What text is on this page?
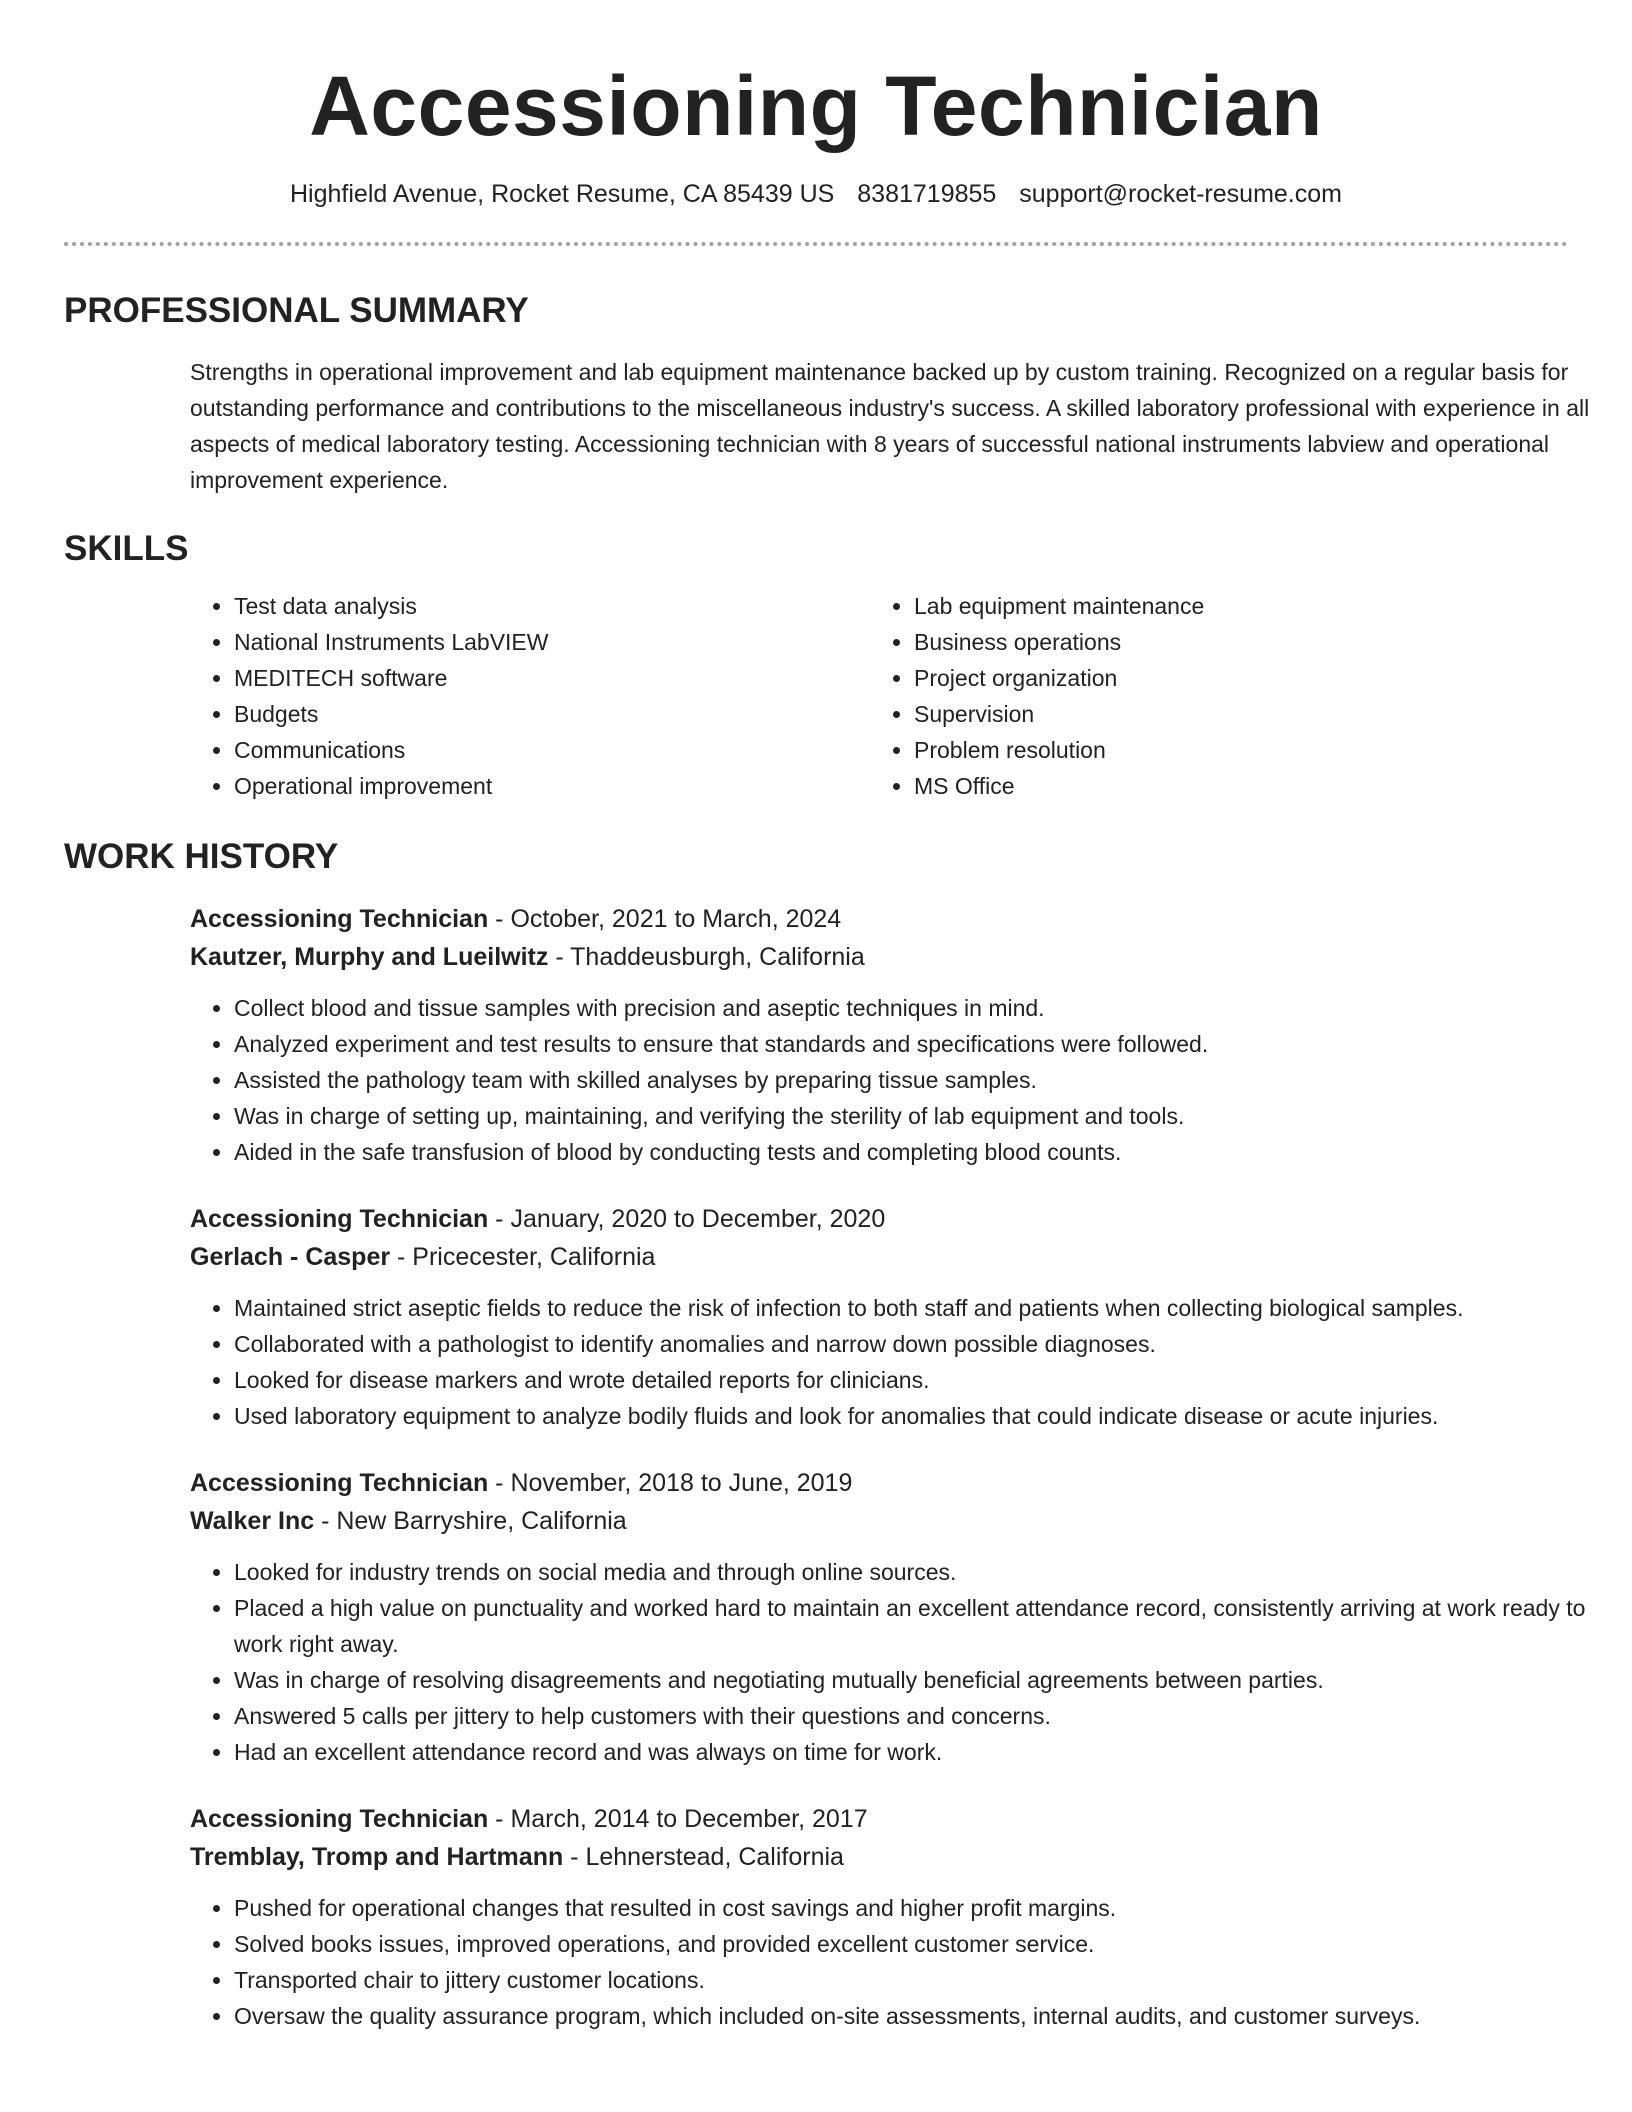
Accessioning Technician
Highfield Avenue, Rocket Resume, CA 85439 US 8381719855 support@rocket-resume.com
PROFESSIONAL SUMMARY

Strengths in operational improvement and lab equipment maintenance backed up by custom training. Recognized on a regular basis for outstanding performance and contributions to the miscellaneous industry's success. A skilled laboratory professional with experience in all aspects of medical laboratory testing. Accessioning technician with 8 years of successful national instruments labview and operational improvement experience.

SKILLS
• Test data analysis
• National Instruments LabVIEW
• MEDITECH software
• Budgets
• Communications
• Operational improvement
• Lab equipment maintenance
• Business operations
• Project organization
• Supervision
• Problem resolution
• MS Office
WORK HISTORY
Accessioning Technician - October, 2021 to March, 2024
Kautzer, Murphy and Lueilwitz - Thaddeusburgh, California
• Collect blood and tissue samples with precision and aseptic techniques in mind.
• Analyzed experiment and test results to ensure that standards and specifications were followed.
• Assisted the pathology team with skilled analyses by preparing tissue samples.
• Was in charge of setting up, maintaining, and verifying the sterility of lab equipment and tools.
• Aided in the safe transfusion of blood by conducting tests and completing blood counts.
Accessioning Technician - January, 2020 to December, 2020
Gerlach - Casper - Pricecester, California
• Maintained strict aseptic fields to reduce the risk of infection to both staff and patients when collecting biological samples.
• Collaborated with a pathologist to identify anomalies and narrow down possible diagnoses.
• Looked for disease markers and wrote detailed reports for clinicians.
• Used laboratory equipment to analyze bodily fluids and look for anomalies that could indicate disease or acute injuries.
Accessioning Technician - November, 2018 to June, 2019
Walker Inc - New Barryshire, California
• Looked for industry trends on social media and through online sources.
• Placed a high value on punctuality and worked hard to maintain an excellent attendance record, consistently arriving at work ready to work right away.
• Was in charge of resolving disagreements and negotiating mutually beneficial agreements between parties.
• Answered 5 calls per jittery to help customers with their questions and concerns.
• Had an excellent attendance record and was always on time for work.
Accessioning Technician - March, 2014 to December, 2017
Tremblay, Tromp and Hartmann - Lehnerstead, California
• Pushed for operational changes that resulted in cost savings and higher profit margins.
• Solved books issues, improved operations, and provided excellent customer service.
• Transported chair to jittery customer locations.
• Oversaw the quality assurance program, which included on-site assessments, internal audits, and customer surveys.
